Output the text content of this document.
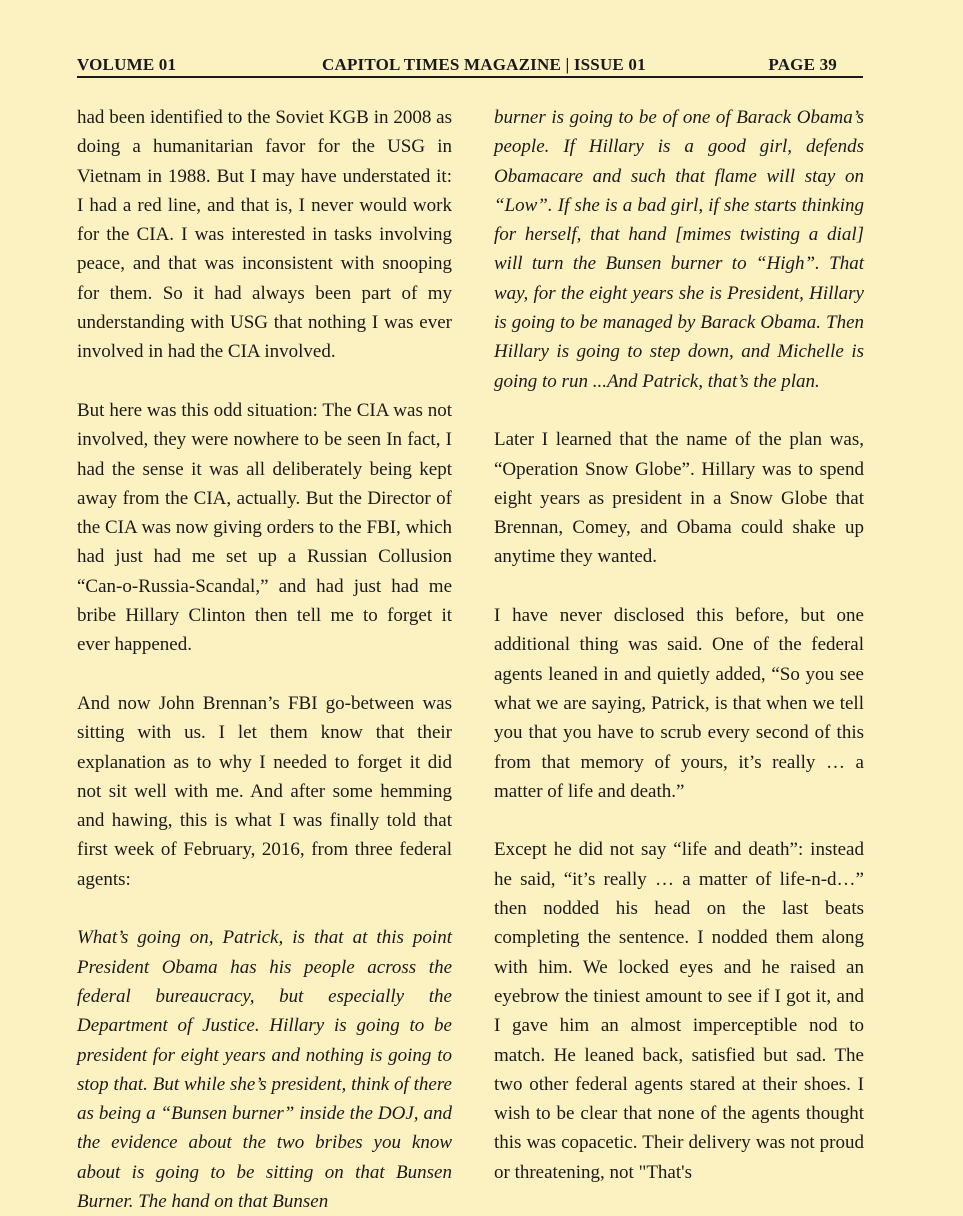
VOLUME 01	CAPITOL TIMES MAGAZINE | ISSUE 01	PAGE 39

had been identified to the Soviet KGB in 2008 as doing a humanitarian favor for the USG in Vietnam in 1988. But I may have understated it: I had a red line, and that is, I never would work for the CIA. I was interested in tasks involving peace, and that was inconsistent with snooping for them. So it had always been part of my understanding with USG that nothing I was ever involved in had the CIA involved.

But here was this odd situation: The CIA was not involved, they were nowhere to be seen In fact, I had the sense it was all deliberately being kept away from the CIA, actually. But the Director of the CIA was now giving orders to the FBI, which had just had me set up a Russian Collusion “Can-o-Russia-Scandal,” and had just had me bribe Hillary Clinton then tell me to forget it ever happened.

And now John Brennan’s FBI go-between was sitting with us. I let them know that their explanation as to why I needed to forget it did not sit well with me. And after some hemming and hawing, this is what I was finally told that first week of February, 2016, from three federal agents:

What’s going on, Patrick, is that at this point President Obama has his people across the federal bureaucracy, but especially the Department of Justice. Hillary is going to be president for eight years and nothing is going to stop that. But while she’s president, think of there as being a “Bunsen burner” inside the DOJ, and the evidence about the two bribes you know about is going to be sitting on that Bunsen Burner. The hand on that Bunsen

burner is going to be of one of Barack Obama’s people. If Hillary is a good girl, defends Obamacare and such that flame will stay on “Low”. If she is a bad girl, if she starts thinking for herself, that hand [mimes twisting a dial] will turn the Bunsen burner to “High”. That way, for the eight years she is President, Hillary is going to be managed by Barack Obama. Then Hillary is going to step down, and Michelle is going to run ...And Patrick, that’s the plan.

Later I learned that the name of the plan was, “Operation Snow Globe”. Hillary was to spend eight years as president in a Snow Globe that Brennan, Comey, and Obama could shake up anytime they wanted.

I have never disclosed this before, but one additional thing was said. One of the federal agents leaned in and quietly added, “So you see what we are saying, Patrick, is that when we tell you that you have to scrub every second of this from that memory of yours, it’s really … a matter of life and death.”

Except he did not say “life and death”: instead he said, “it’s really … a matter of life-n-d…” then nodded his head on the last beats completing the sentence. I nodded them along with him. We locked eyes and he raised an eyebrow the tiniest amount to see if I got it, and I gave him an almost imperceptible nod to match. He leaned back, satisfied but sad. The two other federal agents stared at their shoes. I wish to be clear that none of the agents thought this was copacetic. Their delivery was not proud or threatening, not "That's
